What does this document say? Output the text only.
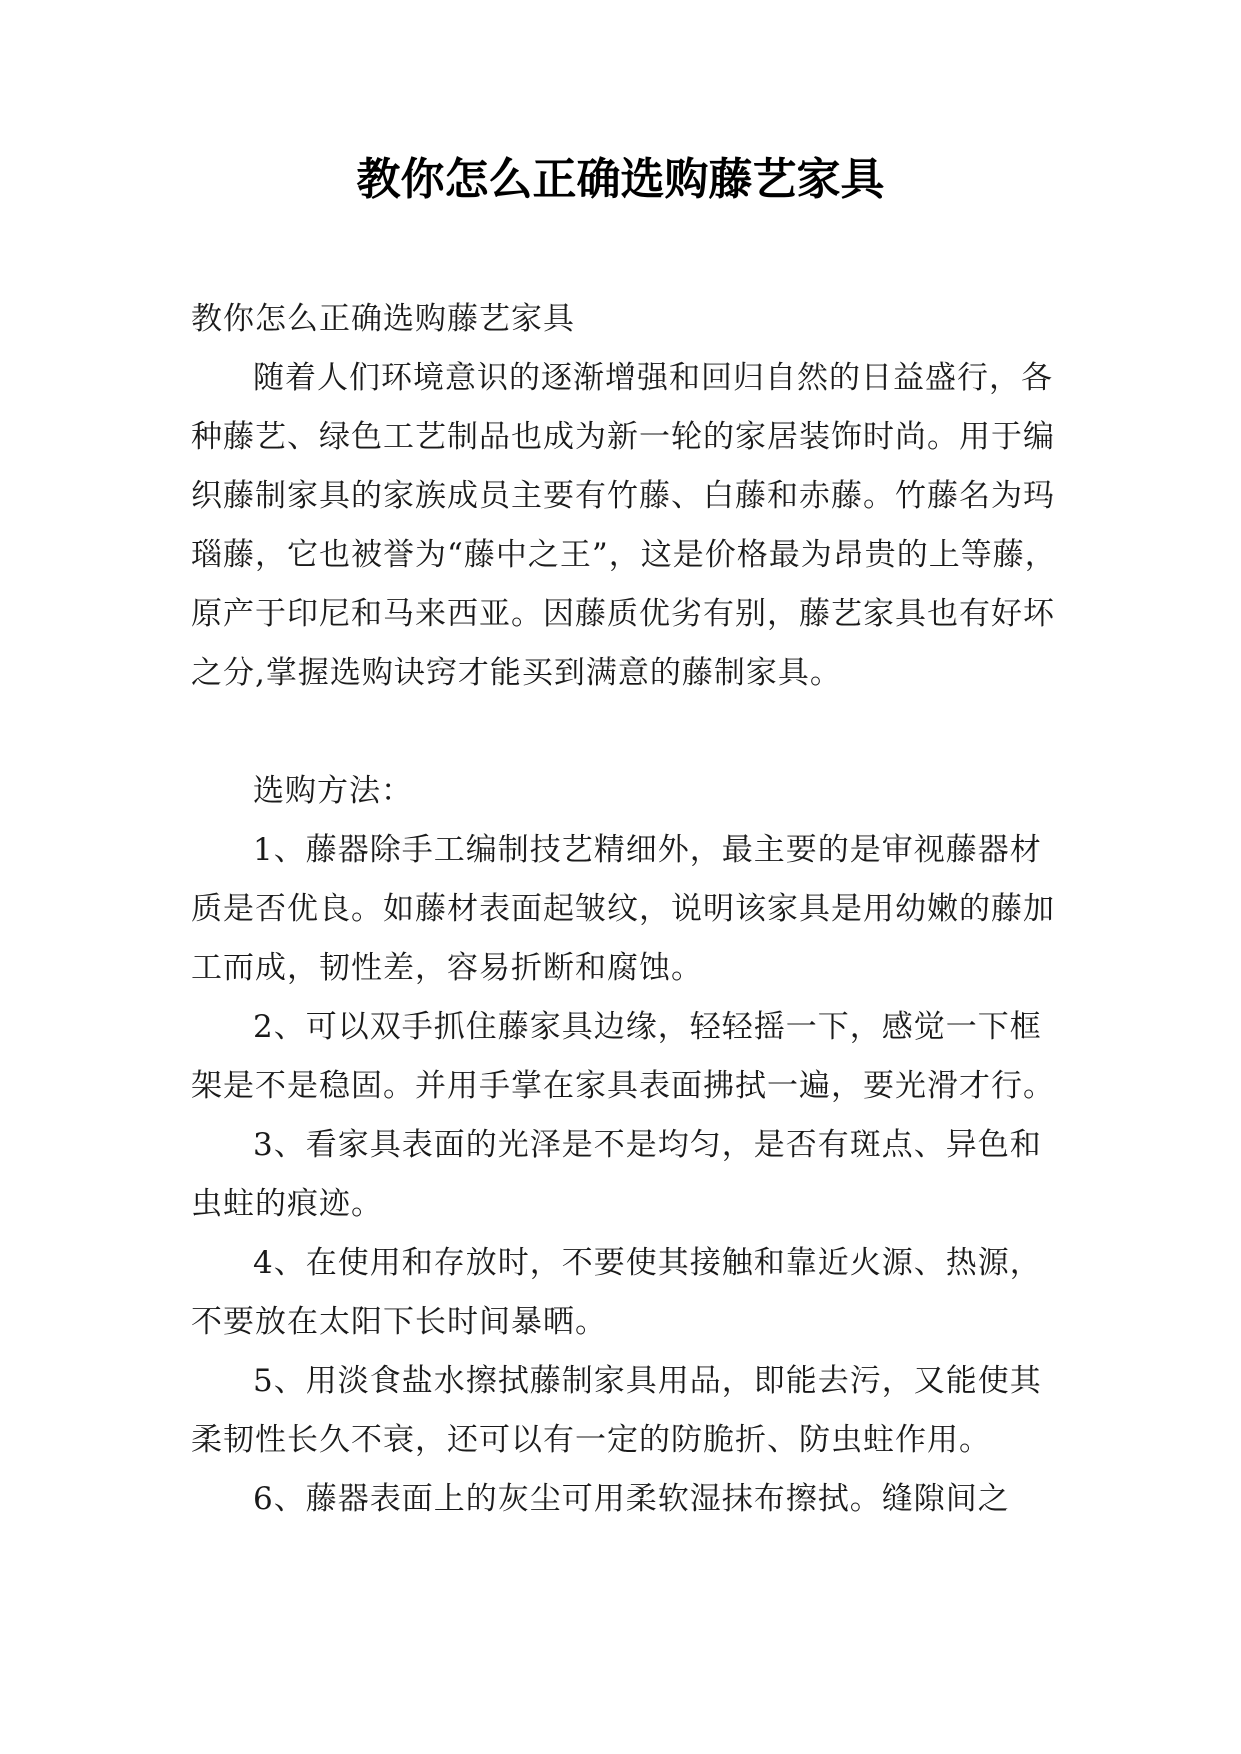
教你怎么正确选购藤艺家具

教你怎么正确选购藤艺家具

随着人们环境意识的逐渐增强和回归自然的日益盛行，各种藤艺、绿色工艺制品也成为新一轮的家居装饰时尚。用于编织藤制家具的家族成员主要有竹藤、白藤和赤藤。竹藤名为玛瑙藤，它也被誉为“藤中之王”，这是价格最为昂贵的上等藤，原产于印尼和马来西亚。因藤质优劣有别，藤艺家具也有好坏之分,掌握选购诀窍才能买到满意的藤制家具。

选购方法：

1、藤器除手工编制技艺精细外，最主要的是审视藤器材质是否优良。如藤材表面起皱纹，说明该家具是用幼嫩的藤加工而成，韧性差，容易折断和腐蚀。

2、可以双手抓住藤家具边缘，轻轻摇一下，感觉一下框架是不是稳固。并用手掌在家具表面拂拭一遍，要光滑才行。

3、看家具表面的光泽是不是均匀，是否有斑点、异色和虫蛀的痕迹。

4、在使用和存放时，不要使其接触和靠近火源、热源，不要放在太阳下长时间暴晒。

5、用淡食盐水擦拭藤制家具用品，即能去污，又能使其柔韧性长久不衰，还可以有一定的防脆折、防虫蛀作用。

6、藤器表面上的灰尘可用柔软湿抹布擦拭。缝隙间之
